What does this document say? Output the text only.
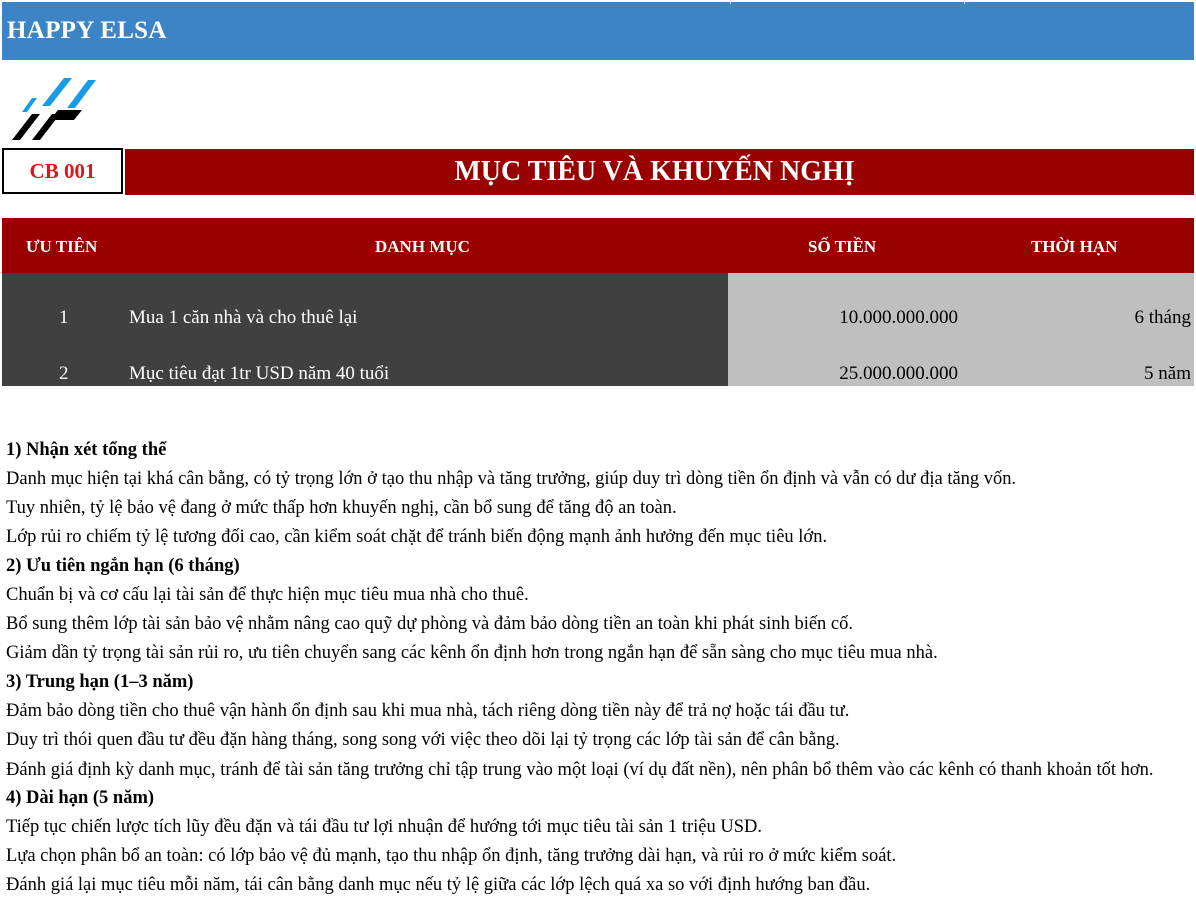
HAPPY ELSA
CB 001	MỤC TIÊU VÀ KHUYẾN NGHỊ
ƯU TIÊN	DANH MỤC	SỐ TIỀN	THỜI HẠN
1	Mua 1 căn nhà và cho thuê lại	10.000.000.000	6 tháng
2	Mục tiêu đạt 1tr USD năm 40 tuổi	25.000.000.000	5 năm
1) Nhận xét tổng thể
Danh mục hiện tại khá cân bằng, có tỷ trọng lớn ở tạo thu nhập và tăng trưởng, giúp duy trì dòng tiền ổn định và vẫn có dư địa tăng vốn.
Tuy nhiên, tỷ lệ bảo vệ đang ở mức thấp hơn khuyến nghị, cần bổ sung để tăng độ an toàn.
Lớp rủi ro chiếm tỷ lệ tương đối cao, cần kiểm soát chặt để tránh biến động mạnh ảnh hưởng đến mục tiêu lớn.
2) Ưu tiên ngắn hạn (6 tháng)
Chuẩn bị và cơ cấu lại tài sản để thực hiện mục tiêu mua nhà cho thuê.
Bổ sung thêm lớp tài sản bảo vệ nhằm nâng cao quỹ dự phòng và đảm bảo dòng tiền an toàn khi phát sinh biến cố.
Giảm dần tỷ trọng tài sản rủi ro, ưu tiên chuyển sang các kênh ổn định hơn trong ngắn hạn để sẵn sàng cho mục tiêu mua nhà.
3) Trung hạn (1–3 năm)
Đảm bảo dòng tiền cho thuê vận hành ổn định sau khi mua nhà, tách riêng dòng tiền này để trả nợ hoặc tái đầu tư.
Duy trì thói quen đầu tư đều đặn hàng tháng, song song với việc theo dõi lại tỷ trọng các lớp tài sản để cân bằng.
Đánh giá định kỳ danh mục, tránh để tài sản tăng trưởng chỉ tập trung vào một loại (ví dụ đất nền), nên phân bổ thêm vào các kênh có thanh khoản tốt hơn.
4) Dài hạn (5 năm)
Tiếp tục chiến lược tích lũy đều đặn và tái đầu tư lợi nhuận để hướng tới mục tiêu tài sản 1 triệu USD.
Lựa chọn phân bổ an toàn: có lớp bảo vệ đủ mạnh, tạo thu nhập ổn định, tăng trưởng dài hạn, và rủi ro ở mức kiểm soát.
Đánh giá lại mục tiêu mỗi năm, tái cân bằng danh mục nếu tỷ lệ giữa các lớp lệch quá xa so với định hướng ban đầu.
